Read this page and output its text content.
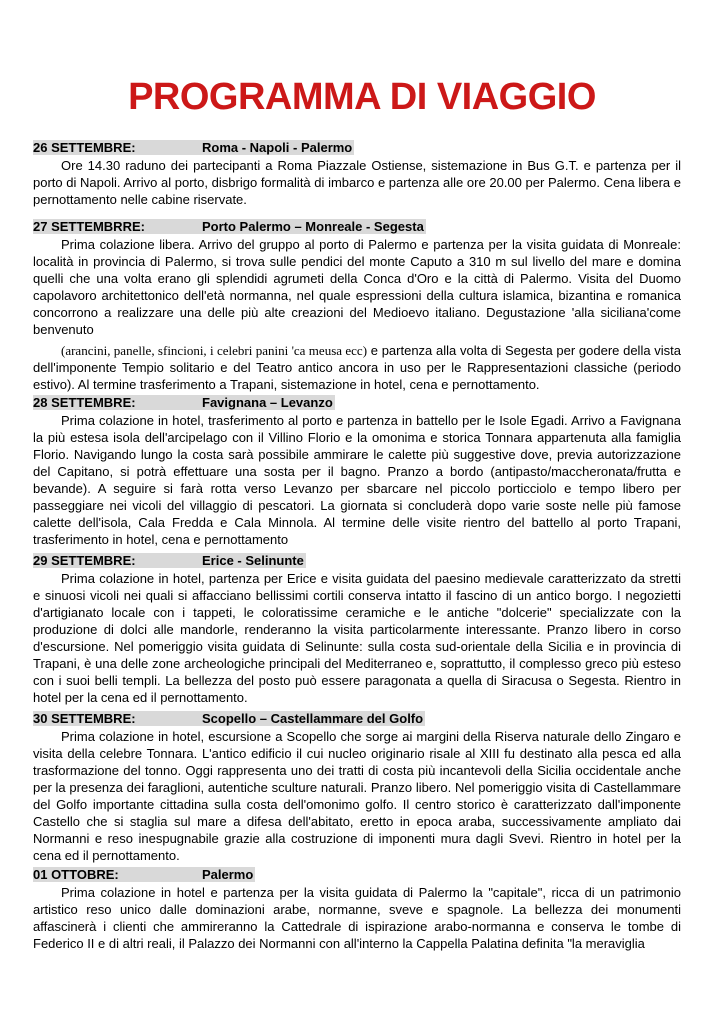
PROGRAMMA DI VIAGGIO
26 SETTEMBRE:	Roma - Napoli - Palermo
Ore 14.30 raduno dei partecipanti a Roma Piazzale Ostiense, sistemazione in Bus G.T. e partenza per il porto di Napoli. Arrivo al porto, disbrigo formalità di imbarco e partenza alle ore 20.00 per Palermo. Cena libera e pernottamento nelle cabine riservate.
27 SETTEMBRRE:	Porto Palermo – Monreale - Segesta
Prima colazione libera. Arrivo del gruppo al porto di Palermo e partenza per la visita guidata di Monreale: località in provincia di Palermo, si trova sulle pendici del monte Caputo a 310 m sul livello del mare e domina quelli che una volta erano gli splendidi agrumeti della Conca d'Oro e la città di Palermo. Visita del Duomo capolavoro architettonico dell'età normanna, nel quale espressioni della cultura islamica, bizantina e romanica concorrono a realizzare una delle più alte creazioni del Medioevo italiano. Degustazione 'alla siciliana'come benvenuto
(arancini, panelle, sfincioni, i celebri panini 'ca meusa ecc) e partenza alla volta di Segesta per godere della vista dell'imponente Tempio solitario e del Teatro antico ancora in uso per le Rappresentazioni classiche (periodo estivo). Al termine trasferimento a Trapani, sistemazione in hotel, cena e pernottamento.
28 SETTEMBRE:	Favignana – Levanzo
Prima colazione in hotel, trasferimento al porto e partenza in battello per le Isole Egadi. Arrivo a Favignana la più estesa isola dell'arcipelago con il Villino Florio e la omonima e storica Tonnara appartenuta alla famiglia Florio. Navigando lungo la costa sarà possibile ammirare le calette più suggestive dove, previa autorizzazione del Capitano, si potrà effettuare una sosta per il bagno. Pranzo a bordo (antipasto/maccheronata/frutta e bevande). A seguire si farà rotta verso Levanzo per sbarcare nel piccolo porticciolo e tempo libero per passeggiare nei vicoli del villaggio di pescatori. La giornata si concluderà dopo varie soste nelle più famose calette dell'isola, Cala Fredda e Cala Minnola. Al termine delle visite rientro del battello al porto Trapani, trasferimento in hotel, cena e pernottamento
29 SETTEMBRE:	Erice - Selinunte
Prima colazione in hotel, partenza per Erice e visita guidata del paesino medievale caratterizzato da stretti e sinuosi vicoli nei quali si affacciano bellissimi cortili conserva intatto il fascino di un antico borgo. I negozietti d'artigianato locale con i tappeti, le coloratissime ceramiche e le antiche "dolcerie" specializzate con la produzione di dolci alle mandorle, renderanno la visita particolarmente interessante. Pranzo libero in corso d'escursione. Nel pomeriggio visita guidata di Selinunte: sulla costa sud-orientale della Sicilia e in provincia di Trapani, è una delle zone archeologiche principali del Mediterraneo e, soprattutto, il complesso greco più esteso con i suoi belli templi. La bellezza del posto può essere paragonata a quella di Siracusa o Segesta. Rientro in hotel per la cena ed il pernottamento.
30 SETTEMBRE:	Scopello – Castellammare del Golfo
Prima colazione in hotel, escursione a Scopello che sorge ai margini della Riserva naturale dello Zingaro e visita della celebre Tonnara. L'antico edificio il cui nucleo originario risale al XIII fu destinato alla pesca ed alla trasformazione del tonno. Oggi rappresenta uno dei tratti di costa più incantevoli della Sicilia occidentale anche per la presenza dei faraglioni, autentiche sculture naturali. Pranzo libero. Nel pomeriggio visita di Castellammare del Golfo importante cittadina sulla costa dell'omonimo golfo. Il centro storico è caratterizzato dall'imponente Castello che si staglia sul mare a difesa dell'abitato, eretto in epoca araba, successivamente ampliato dai Normanni e reso inespugnabile grazie alla costruzione di imponenti mura dagli Svevi. Rientro in hotel per la cena ed il pernottamento.
01 OTTOBRE:	Palermo
Prima colazione in hotel e partenza per la visita guidata di Palermo la "capitale", ricca di un patrimonio artistico reso unico dalle dominazioni arabe, normanne, sveve e spagnole. La bellezza dei monumenti affascinerà i clienti che ammireranno la Cattedrale di ispirazione arabo-normanna e conserva le tombe di Federico II e di altri reali, il Palazzo dei Normanni con all'interno la Cappella Palatina definita "la meraviglia
